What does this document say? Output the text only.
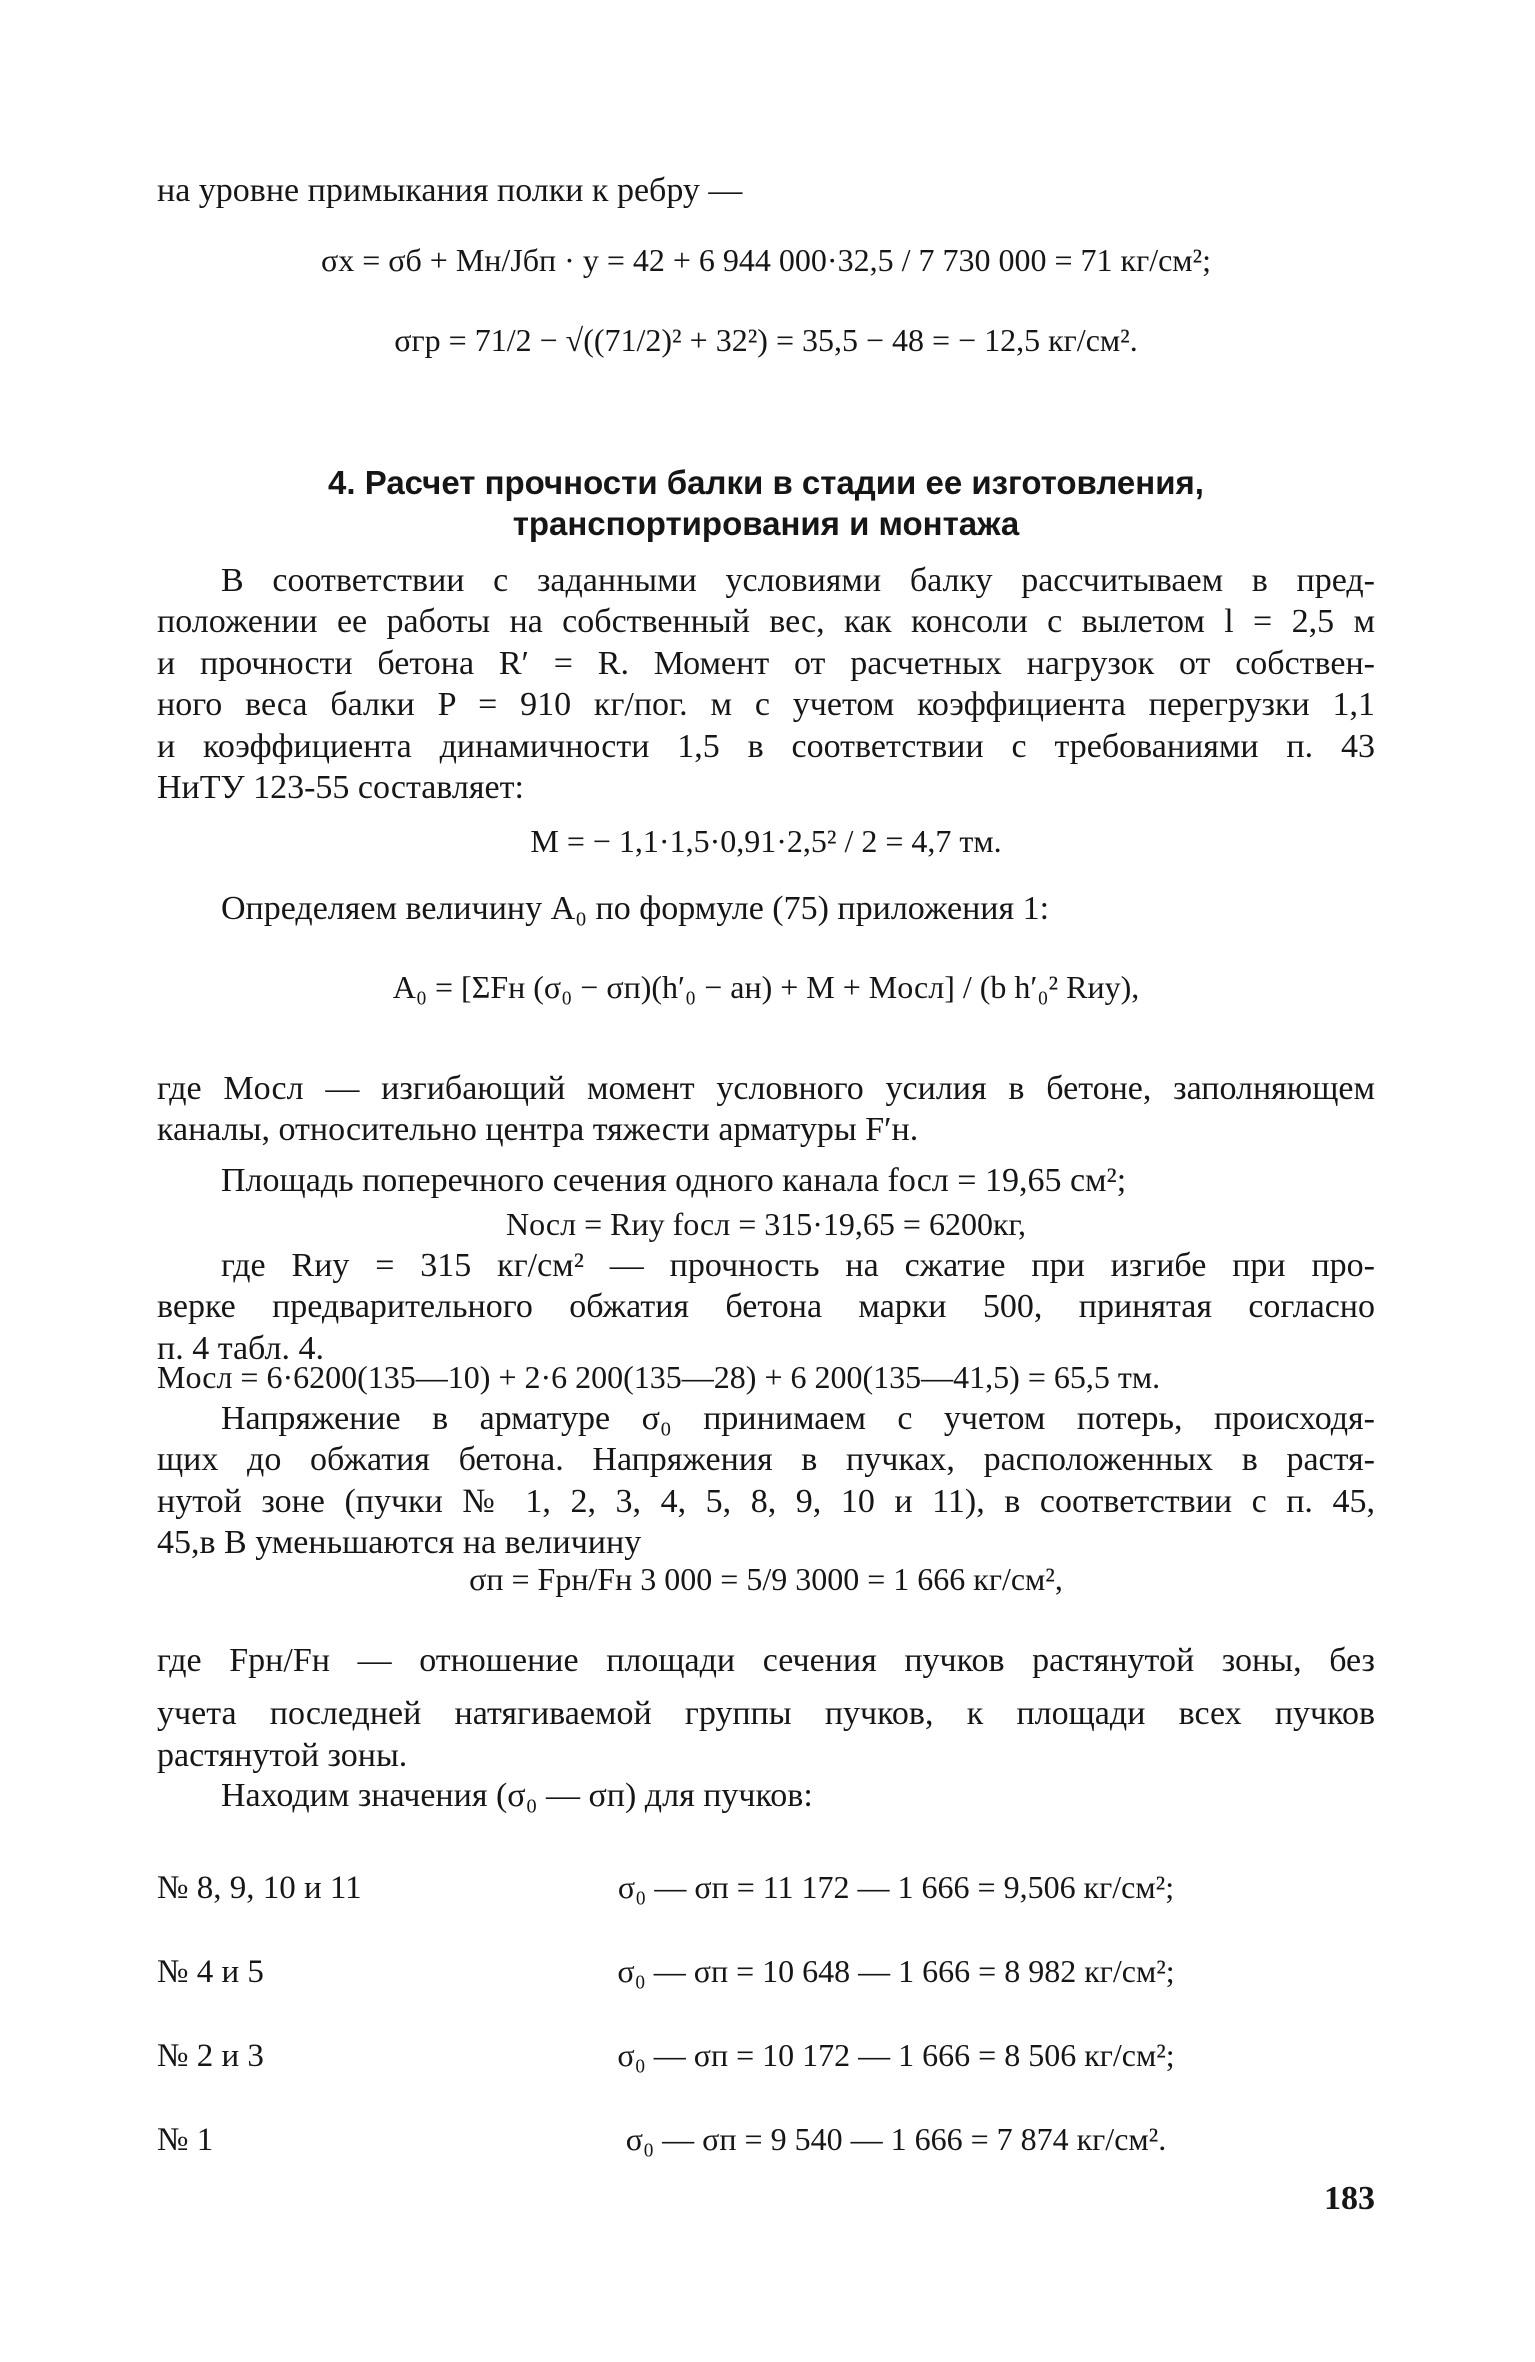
на уровне примыкания полки к ребру —
σx = σб + Mн/Jбп · y = 42 + 6 944 000·32,5 / 7 730 000 = 71 кг/см²;
σгр = 71/2 − √((71/2)² + 32²) = 35,5 − 48 = − 12,5 кг/см².
4. Расчет прочности балки в стадии ее изготовления,
транспортирования и монтажа
В соответствии с заданными условиями балку рассчитываем в пред-
положении ее работы на собственный вес, как консоли с вылетом l = 2,5 м
и прочности бетона R′ = R. Момент от расчетных нагрузок от собствен-
ного веса балки P = 910 кг/пог. м с учетом коэффициента перегрузки 1,1
и коэффициента динамичности 1,5 в соответствии с требованиями п. 43
НиТУ 123-55 составляет:
M = − 1,1·1,5·0,91·2,5² / 2 = 4,7 тм.
Определяем величину A₀ по формуле (75) приложения 1:
A₀ = [ΣFн (σ₀ − σп)(h′₀ − aн) + M + Mосл] / (b h′₀² Rиу),
где Mосл — изгибающий момент условного усилия в бетоне, заполняющем
каналы, относительно центра тяжести арматуры F′н.
Площадь поперечного сечения одного канала fосл = 19,65 см²;
Nосл = Rиу fосл = 315·19,65 = 6200кг,
где Rиу = 315 кг/см² — прочность на сжатие при изгибе при про-
верке предварительного обжатия бетона марки 500, принятая согласно
п. 4 табл. 4.
Mосл = 6·6200(135—10) + 2·6 200(135—28) + 6 200(135—41,5) = 65,5 тм.
Напряжение в арматуре σ₀ принимаем с учетом потерь, происходя-
щих до обжатия бетона. Напряжения в пучках, расположенных в растя-
нутой зоне (пучки № 1, 2, 3, 4, 5, 8, 9, 10 и 11), в соответствии с п. 45,
45,в B уменьшаются на величину
σп = Fрн/Fн 3 000 = 5/9 3000 = 1 666 кг/см²,
где Fрн/Fн — отношение площади сечения пучков растянутой зоны, без
учета последней натягиваемой группы пучков, к площади всех пучков
растянутой зоны.
Находим значения (σ₀ — σп) для пучков:
№ 8, 9, 10 и 11	σ₀ — σп = 11 172 — 1 666 = 9,506 кг/см²;
№ 4 и 5	σ₀ — σп = 10 648 — 1 666 = 8 982 кг/см²;
№ 2 и 3	σ₀ — σп = 10 172 — 1 666 = 8 506 кг/см²;
№ 1	σ₀ — σп = 9 540 — 1 666 = 7 874 кг/см².
183
